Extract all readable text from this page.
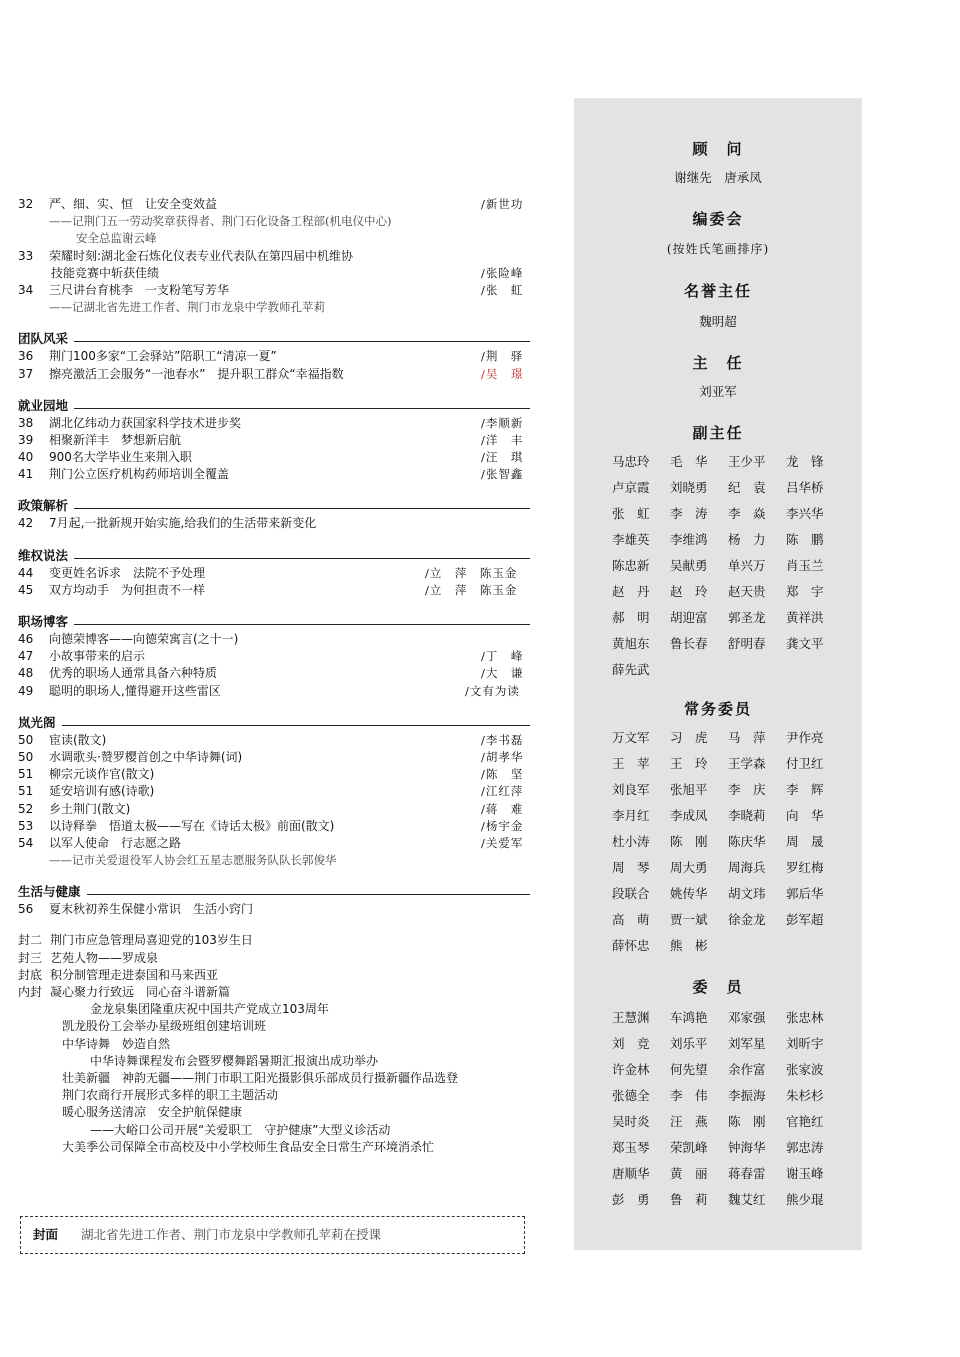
32 严、细、实、恒　让安全变效益	/新世功
——记荆门五一劳动奖章获得者、荆门石化设备工程部(机电仪中心)
安全总监谢云峰
33 荣耀时刻:湖北金石炼化仪表专业代表队在第四届中机维协
技能竞赛中斩获佳绩	/张险峰
34 三尺讲台育桃李　一支粉笔写芳华	/张　虹
——记湖北省先进工作者、荆门市龙泉中学教师孔苹莉
团队风采
36 荆门100多家“工会驿站”陪职工“清凉一夏”	/荆　驿
37 擦亮激活工会服务“一池春水”　提升职工群众“幸福指数	/吴　璟
就业园地
38 湖北亿纬动力获国家科学技术进步奖	/李顺新
39 相聚新洋丰　梦想新启航	/洋　丰
40 900名大学毕业生来荆入职	/汪　琪
41 荆门公立医疗机构药师培训全覆盖	/张智鑫
政策解析
42 7月起,一批新规开始实施,给我们的生活带来新变化
维权说法
44 变更姓名诉求　法院不予处理	/立　萍　陈玉金
45 双方均动手　为何担责不一样	/立　萍　陈玉金
职场博客
46 向德荣博客——向德荣寓言(之十一)
47 小故事带来的启示	/丁　峰
48 优秀的职场人通常具备六种特质	/大　谦
49 聪明的职场人,懂得避开这些雷区	/文有为读
岚光阁
50 宦读(散文)	/李书磊
50 水调歌头·赞罗樱首创之中华诗舞(词)	/胡孝华
51 柳宗元谈作官(散文)	/陈　坚
51 延安培训有感(诗歌)	/江红萍
52 乡土荆门(散文)	/蒋　难
53 以诗释拳　悟道太极——写在《诗话太极》前面(散文)	/杨宇金
54 以军人使命　行志愿之路	/关爱军
——记市关爱退役军人协会红五星志愿服务队队长郭俊华
生活与健康
56 夏末秋初养生保健小常识　生活小窍门
封二 荆门市应急管理局喜迎党的103岁生日
封三 艺苑人物——罗成泉
封底 积分制管理走进泰国和马来西亚
内封 凝心聚力行致远　同心奋斗谱新篇
金龙泉集团隆重庆祝中国共产党成立103周年
凯龙股份工会举办星级班组创建培训班
中华诗舞　妙造自然
中华诗舞课程发布会暨罗樱舞蹈暑期汇报演出成功举办
壮美新疆　神韵无疆——荆门市职工阳光摄影俱乐部成员行摄新疆作品选登
荆门农商行开展形式多样的职工主题活动
暖心服务送清凉　安全护航保健康
——大峪口公司开展“关爱职工　守护健康”大型义诊活动
大美季公司保障全市高校及中小学校师生食品安全日常生产环境消杀忙
封面 湖北省先进工作者、荆门市龙泉中学教师孔苹莉在授课
顾　问
谢继先　唐承凤
编委会
(按姓氏笔画排序)
名誉主任
魏明超
主　任
刘亚军
副主任
马忠玲 毛　华 王少平 龙　锋
卢京霞 刘晓勇 纪　袁 吕华桥
张　虹 李　涛 李　焱 李兴华
李雄英 李维鸿 杨　力 陈　鹏
陈忠新 吴献勇 单兴万 肖玉兰
赵　丹 赵　玲 赵天贵 郑　宇
郝　明 胡迎富 郭圣龙 黄祥洪
黄旭东 鲁长春 舒明春 龚文平
薛先武
常务委员
万文军 习　虎 马　萍 尹作亮
王　苹 王　玲 王学森 付卫红
刘良军 张旭平 李　庆 李　辉
李月红 李成凤 李晓莉 向　华
杜小涛 陈　刚 陈庆华 周　晟
周　琴 周大勇 周海兵 罗红梅
段联合 姚传华 胡文玮 郭后华
高　萌 贾一斌 徐金龙 彭军超
薛怀忠 熊　彬
委　员
王慧渊 车鸿艳 邓家强 张忠林
刘　竞 刘乐平 刘军星 刘昕宇
许金林 何先望 余作富 张家波
张德全 李　伟 李振海 朱杉杉
吴时炎 汪　燕 陈　刚 官艳红
郑玉琴 荣凯峰 钟海华 郭忠涛
唐顺华 黄　丽 蒋春雷 谢玉峰
彭　勇 鲁　莉 魏艾红 熊少琨
